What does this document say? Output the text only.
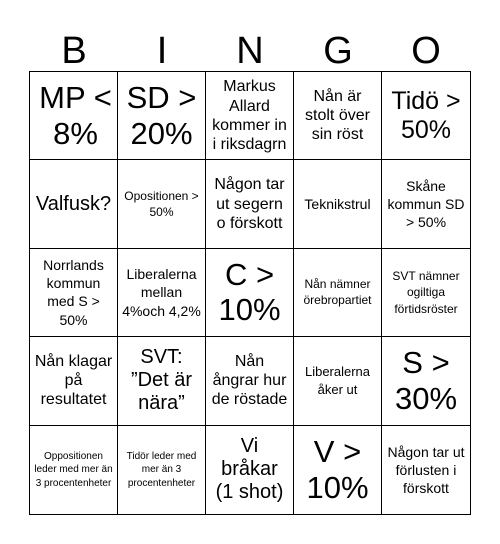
B	I	N	G	O
MP < 8%
SD > 20%
Markus Allard kommer in i riksdagrn
Nån är stolt över sin röst
Tidö > 50%
Valfusk? Opositionen > 50%
Någon tar ut segern o förskott
Teknikstrul
Skåne kommun SD > 50%
Norrlands kommun med S > 50%
Liberalerna mellan 4%och 4,2%
C > 10%
Nån nämner örebropartiet
SVT nämner ogiltiga förtidsröster
Nån klagar på resultatet
SVT: ”Det är nära”
Nån ångrar hur de röstade
Liberalerna åker ut
S > 30%
Oppositionen leder med mer än 3 procentenheter
Tidör leder med mer än 3 procentenheter
Vi bråkar (1 shot)
V > 10%
Någon tar ut förlusten i förskott
